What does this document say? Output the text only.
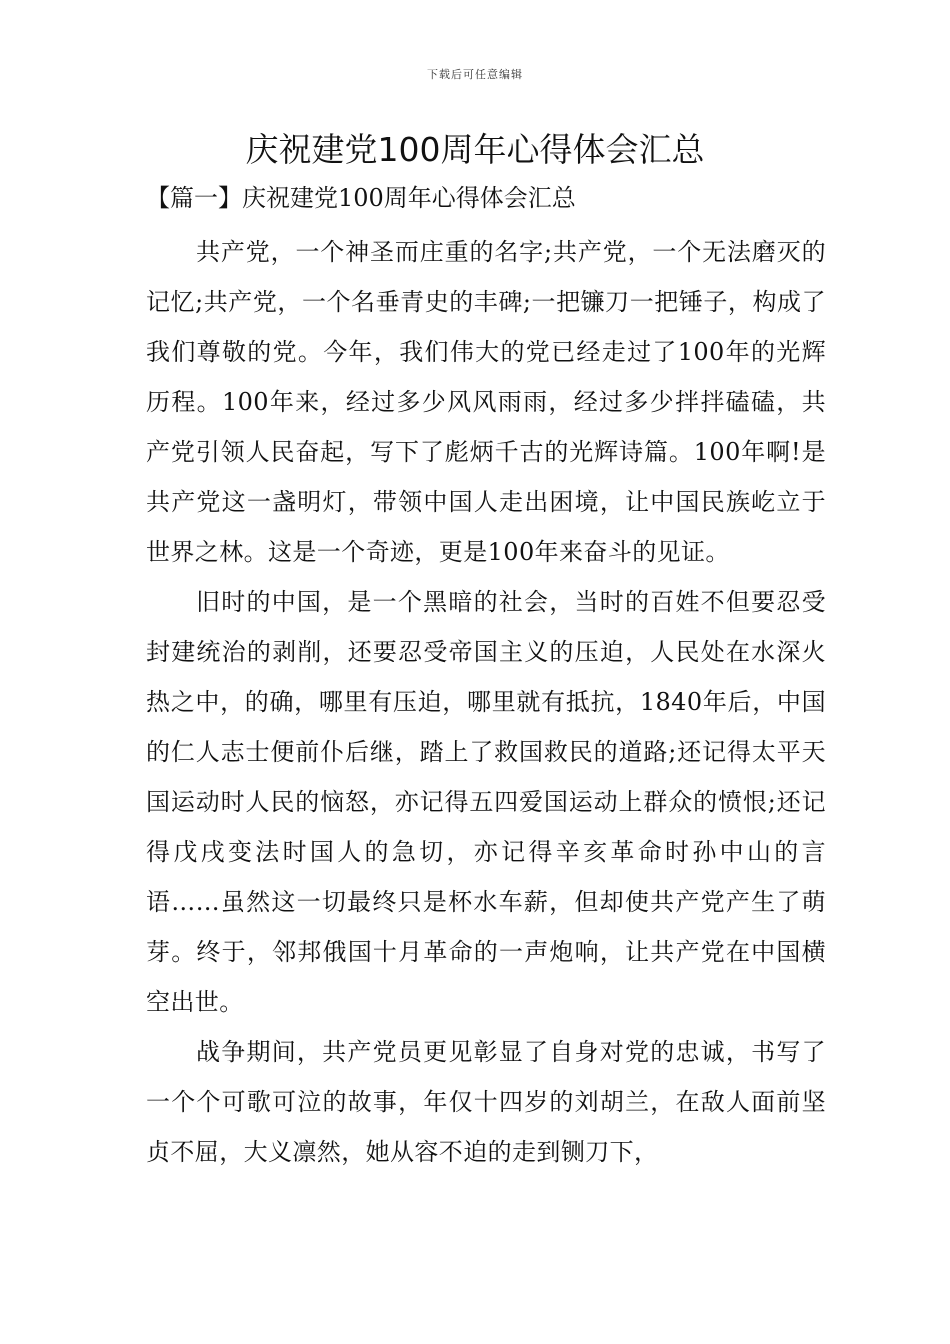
下载后可任意编辑
庆祝建党100周年心得体会汇总
【篇一】庆祝建党100周年心得体会汇总

共产党，一个神圣而庄重的名字;共产党，一个无法磨灭的记忆;共产党，一个名垂青史的丰碑;一把镰刀一把锤子，构成了我们尊敬的党。今年，我们伟大的党已经走过了100年的光辉历程。100年来，经过多少风风雨雨，经过多少拌拌磕磕，共产党引领人民奋起，写下了彪炳千古的光辉诗篇。100年啊!是共产党这一盏明灯，带领中国人走出困境，让中国民族屹立于世界之林。这是一个奇迹，更是100年来奋斗的见证。

旧时的中国，是一个黑暗的社会，当时的百姓不但要忍受封建统治的剥削，还要忍受帝国主义的压迫，人民处在水深火热之中，的确，哪里有压迫，哪里就有抵抗，1840年后，中国的仁人志士便前仆后继，踏上了救国救民的道路;还记得太平天国运动时人民的恼怒，亦记得五四爱国运动上群众的愤恨;还记得戊戌变法时国人的急切，亦记得辛亥革命时孙中山的言语……虽然这一切最终只是杯水车薪，但却使共产党产生了萌芽。终于，邻邦俄国十月革命的一声炮响，让共产党在中国横空出世。

战争期间，共产党员更见彰显了自身对党的忠诚，书写了一个个可歌可泣的故事，年仅十四岁的刘胡兰，在敌人面前坚贞不屈，大义凛然，她从容不迫的走到铡刀下，
